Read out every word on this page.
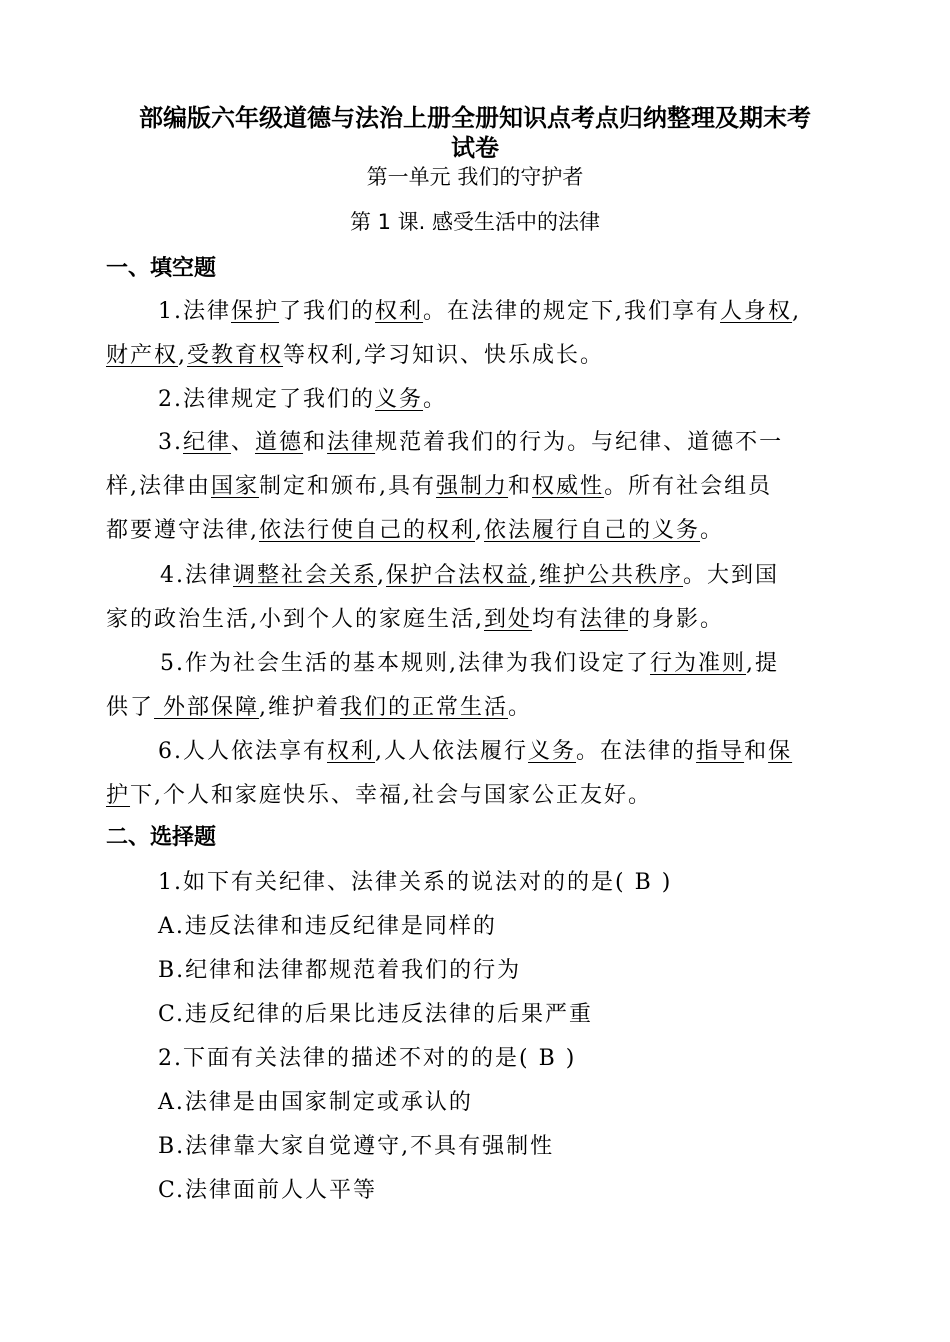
部编版六年级道德与法治上册全册知识点考点归纳整理及期末考
试卷
第一单元 我们的守护者
第 1 课. 感受生活中的法律
一、填空题
1.法律保护了我们的权利。在法律的规定下,我们享有人身权,
财产权,受教育权等权利,学习知识、快乐成长。
2.法律规定了我们的义务。
3.纪律、道德和法律规范着我们的行为。与纪律、道德不一
样,法律由国家制定和颁布,具有强制力和权威性。所有社会组员
都要遵守法律,依法行使自己的权利,依法履行自己的义务。
4.法律调整社会关系,保护合法权益,维护公共秩序。大到国
家的政治生活,小到个人的家庭生活,到处均有法律的身影。
5.作为社会生活的基本规则,法律为我们设定了行为准则,提
供了 外部保障,维护着我们的正常生活。
6.人人依法享有权利,人人依法履行义务。在法律的指导和保
护下,个人和家庭快乐、幸福,社会与国家公正友好。
二、选择题
1.如下有关纪律、法律关系的说法对的的是( B )
A.违反法律和违反纪律是同样的
B.纪律和法律都规范着我们的行为
C.违反纪律的后果比违反法律的后果严重
2.下面有关法律的描述不对的的是( B )
A.法律是由国家制定或承认的
B.法律靠大家自觉遵守,不具有强制性
C.法律面前人人平等
